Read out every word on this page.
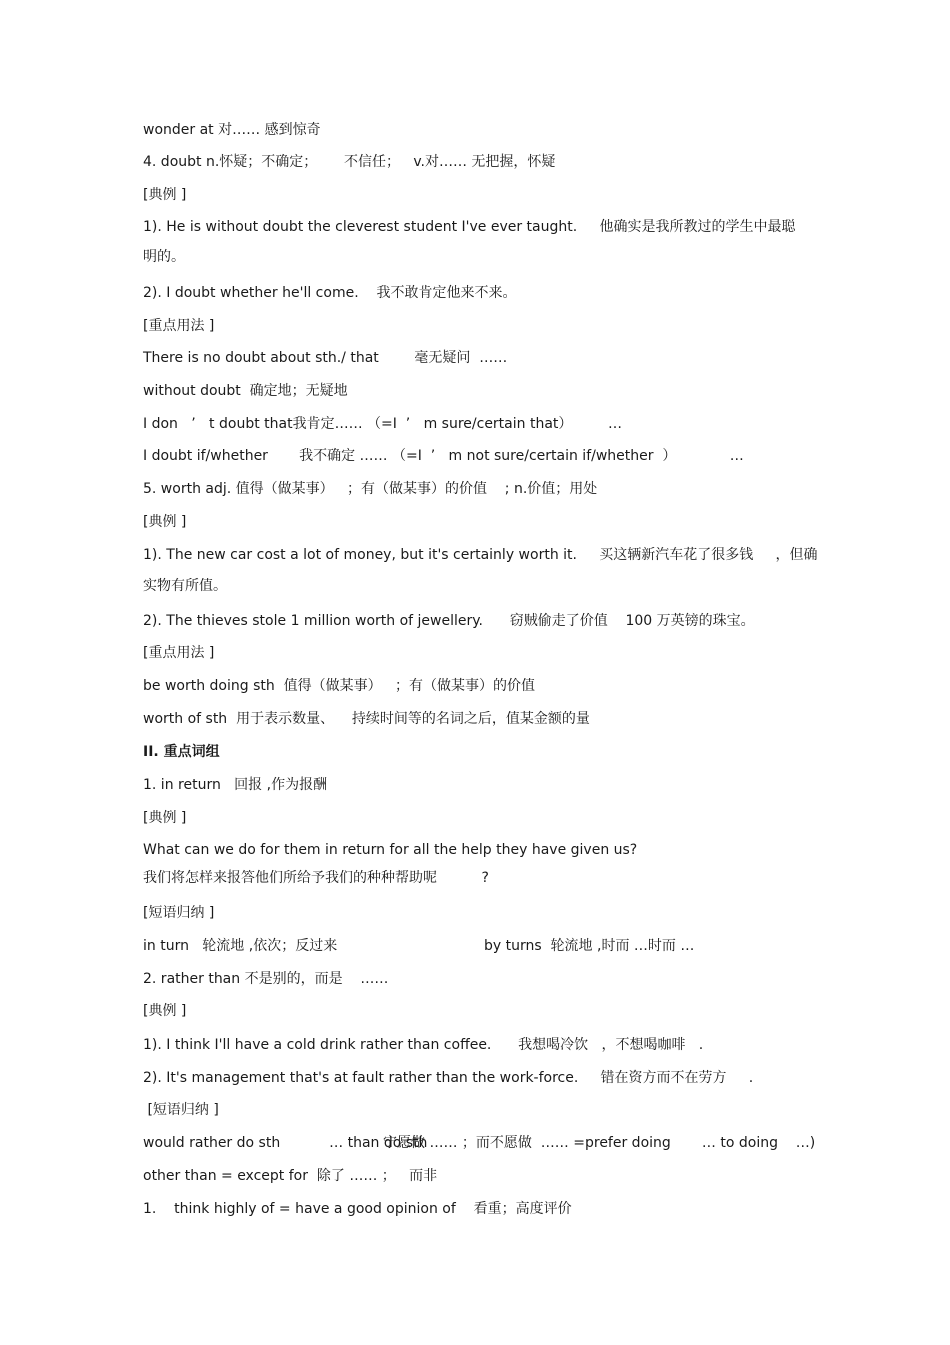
wonder at 对…… 感到惊奇
4. doubt n.怀疑；不确定；      不信任；   v.对…… 无把握，怀疑
[典例 ]
1). He is without doubt the cleverest student I've ever taught.     他确实是我所教过的学生中最聪
明的。
2). I doubt whether he'll come.    我不敢肯定他来不来。
[重点用法 ]
There is no doubt about sth./ that        毫无疑问  ……
without doubt  确定地；无疑地
I don   ’   t doubt that我肯定…… （=I  ’   m sure/certain that）        …
I doubt if/whether       我不确定 …… （=I  ’   m not sure/certain if/whether  ）            …
5. worth adj. 值得（做某事）   ；有（做某事）的价值    ; n.价值；用处
[典例 ]
1). The new car cost a lot of money, but it's certainly worth it.     买这辆新汽车花了很多钱     ，但确
实物有所值。
2). The thieves stole 1 million worth of jewellery.      窃贼偷走了价值    100 万英镑的珠宝。
[重点用法 ]
be worth doing sth  值得（做某事）   ；有（做某事）的价值
worth of sth  用于表示数量、    持续时间等的名词之后，值某金额的量
II. 重点词组
1. in return   回报 ,作为报酬
[典例 ]
What can we do for them in return for all the help they have given us?
我们将怎样来报答他们所给予我们的种种帮助呢          ?
[短语归纳 ]
in turn   轮流地 ,依次；反过来	by turns  轮流地 ,时而 …时而 …
2. rather than 不是别的，而是    ……
[典例 ]
1). I think I'll have a cold drink rather than coffee.      我想喝冷饮   ，不想喝咖啡   .
2). It's management that's at fault rather than the work-force.     错在资方而不在劳方     .
[短语归纳 ]
would rather do sth           … than do sth
宁愿做 …… ；而不愿做  …… =prefer doing       … to doing    …)
other than = except for  除了 …… ；   而非
1.    think highly of = have a good opinion of    看重；高度评价
